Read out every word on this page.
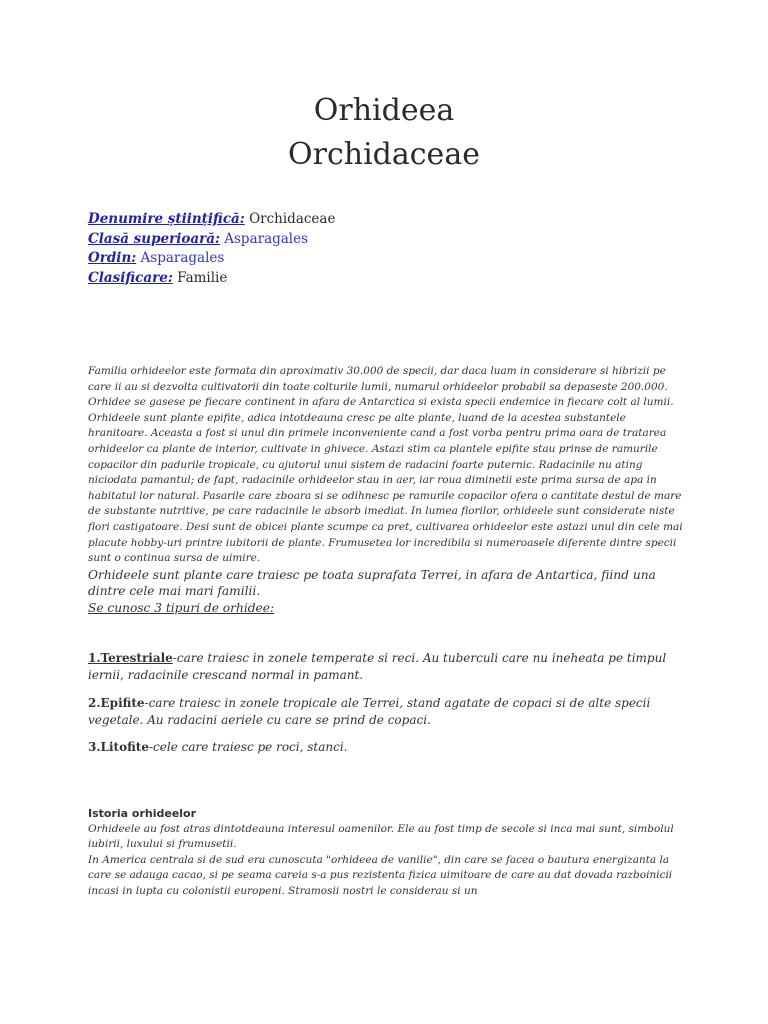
Orhideea
Orchidaceae
Denumire științifică: Orchidaceae
Clasă superioară: Asparagales
Ordin: Asparagales
Clasificare: Familie

Familia orhideelor este formata din aproximativ 30.000 de specii, dar daca luam in considerare si hibrizii pe care ii au si dezvolta cultivatorii din toate colturile lumii, numarul orhideelor probabil sa depaseste 200.000. Orhidee se gasese pe fiecare continent in afara de Antarctica si exista specii endemice in fiecare colt al lumii.

Orhideele sunt plante epifite, adica intotdeauna cresc pe alte plante, luand de la acestea substantele hranitoare. Aceasta a fost si unul din primele inconveniente cand a fost vorba pentru prima oara de tratarea orhideelor ca plante de interior, cultivate in ghivece. Astazi stim ca plantele epifite stau prinse de ramurile copacilor din padurile tropicale, cu ajutorul unui sistem de radacini foarte puternic. Radacinile nu ating niciodata pamantul; de fapt, radacinile orhideelor stau in aer, iar roua diminetii este prima sursa de apa in habitatul lor natural. Pasarile care zboara si se odihnesc pe ramurile copacilor ofera o cantitate destul de mare de substante nutritive, pe care radacinile le absorb imediat. In lumea florilor, orhideele sunt considerate niste flori castigatoare. Desi sunt de obicei plante scumpe ca pret, cultivarea orhideelor este astazi unul din cele mai placute hobby-uri printre iubitorii de plante. Frumusetea lor incredibila si numeroasele diferente dintre specii sunt o continua sursa de uimire.

Orhideele sunt plante care traiesc pe toata suprafata Terrei, in afara de Antartica, fiind una dintre cele mai mari familii.

Se cunosc 3 tipuri de orhidee:

1.Terestriale-care traiesc in zonele temperate si reci. Au tuberculi care nu ineheata pe timpul iernii, radacinile crescand normal in pamant.
2.Epifite-care traiesc in zonele tropicale ale Terrei, stand agatate de copaci si de alte specii vegetale. Au radacini aeriele cu care se prind de copaci.
3.Litofite-cele care traiesc pe roci, stanci.
Istoria orhideelor
Orhideele au fost atras dintotdeauna interesul oamenilor. Ele au fost timp de secole si inca mai sunt, simbolul iubirii, luxului si frumusetii.
In America centrala si de sud era cunoscuta "orhideea de vanilie", din care se facea o bautura energizanta la care se adauga cacao, si pe seama careia s-a pus rezistenta fizica uimitoare de care au dat dovada razboinicii incasi in lupta cu colonistii europeni. Stramosii nostri le considerau si un
